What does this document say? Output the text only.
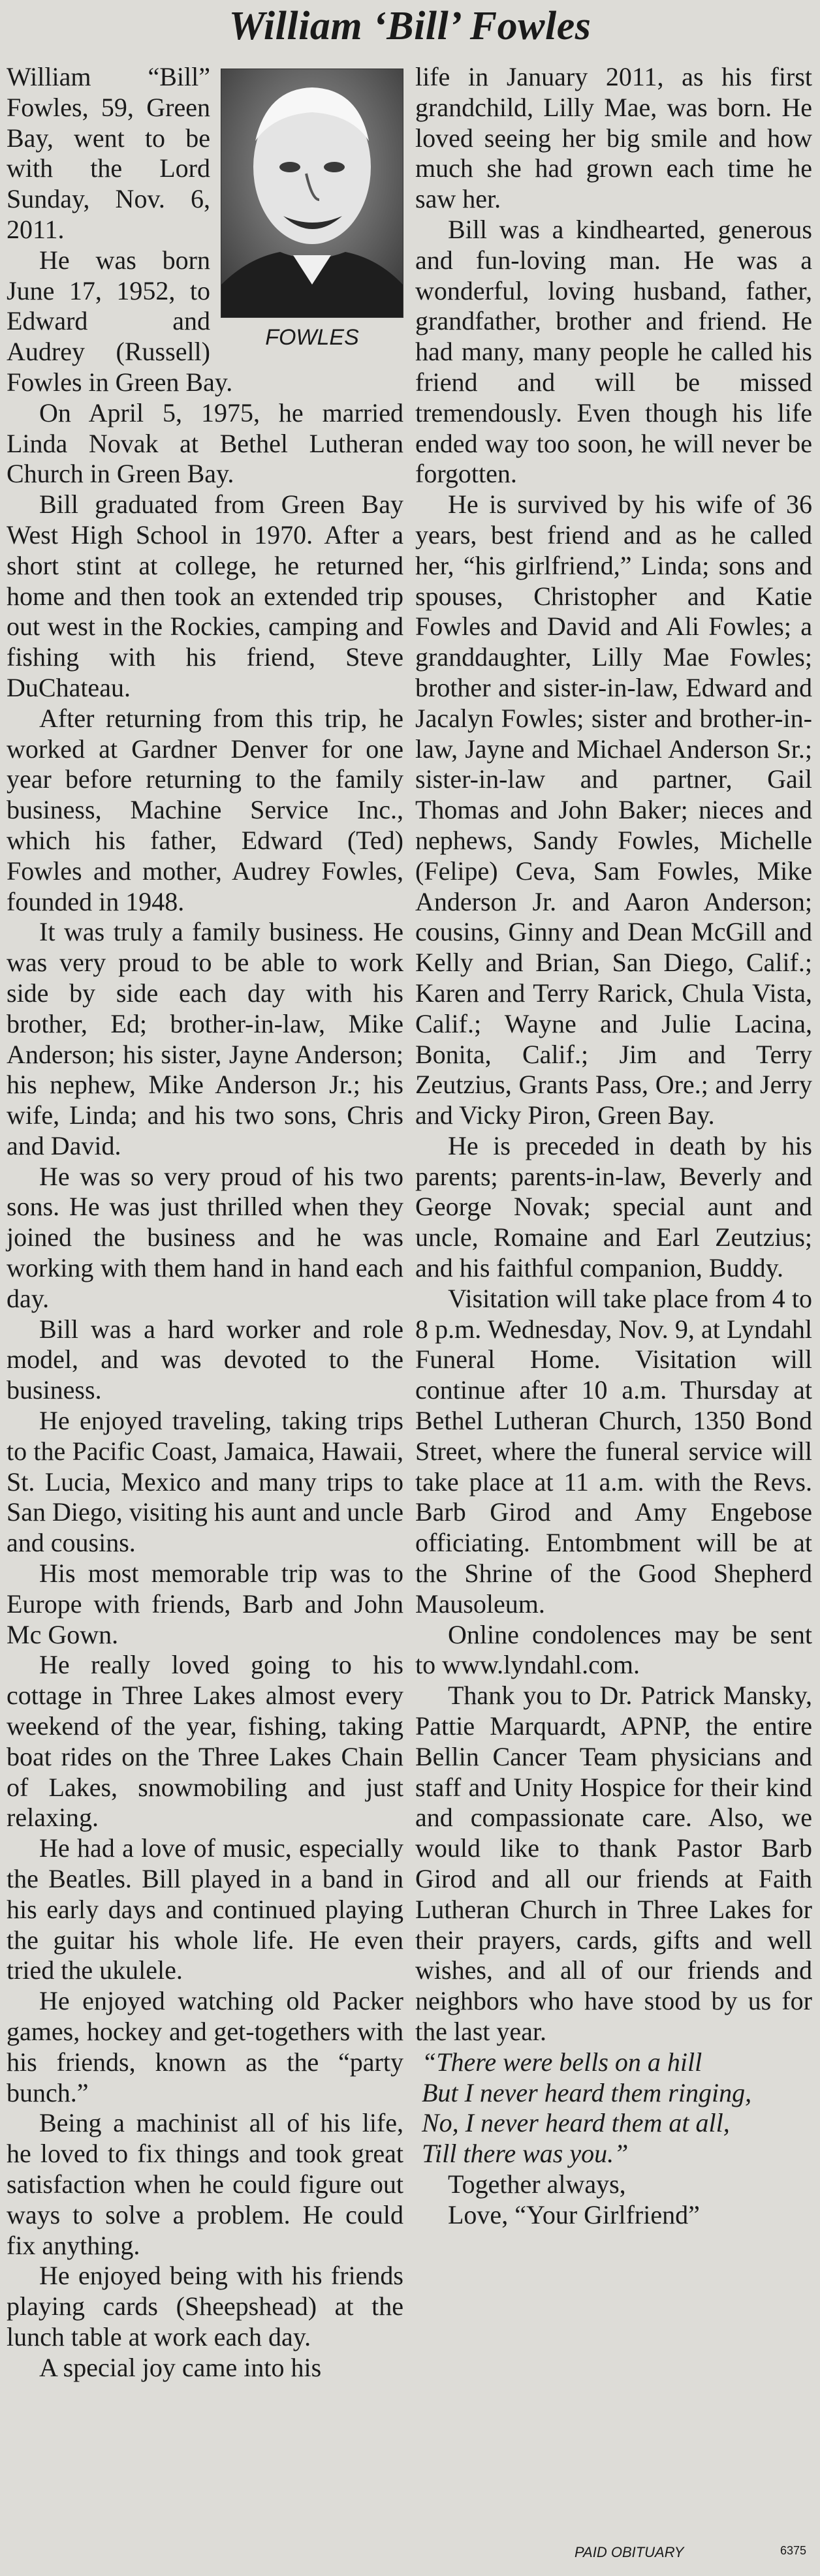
William ‘Bill’ Fowles
FOWLES

William “Bill” Fowles, 59, Green Bay, went to be with the Lord Sunday, Nov. 6, 2011.

He was born June 17, 1952, to Edward and Audrey (Russell) Fowles in Green Bay.

On April 5, 1975, he married Linda Novak at Bethel Lutheran Church in Green Bay.

Bill graduated from Green Bay West High School in 1970. After a short stint at college, he returned home and then took an extended trip out west in the Rockies, camping and fishing with his friend, Steve DuChateau.

After returning from this trip, he worked at Gardner Denver for one year before returning to the family business, Machine Service Inc., which his father, Edward (Ted) Fowles and mother, Audrey Fowles, founded in 1948.

It was truly a family business. He was very proud to be able to work side by side each day with his brother, Ed; brother-in-law, Mike Anderson; his sister, Jayne Anderson; his nephew, Mike Anderson Jr.; his wife, Linda; and his two sons, Chris and David.

He was so very proud of his two sons. He was just thrilled when they joined the business and he was working with them hand in hand each day.

Bill was a hard worker and role model, and was devoted to the business.

He enjoyed traveling, taking trips to the Pacific Coast, Jamaica, Hawaii, St. Lucia, Mexico and many trips to San Diego, visiting his aunt and uncle and cousins.

His most memorable trip was to Europe with friends, Barb and John Mc Gown.

He really loved going to his cottage in Three Lakes almost every weekend of the year, fishing, taking boat rides on the Three Lakes Chain of Lakes, snowmobiling and just relaxing.

He had a love of music, especially the Beatles. Bill played in a band in his early days and continued playing the guitar his whole life. He even tried the ukulele.

He enjoyed watching old Packer games, hockey and get-togethers with his friends, known as the “party bunch.”

Being a machinist all of his life, he loved to fix things and took great satisfaction when he could figure out ways to solve a problem. He could fix anything.

He enjoyed being with his friends playing cards (Sheepshead) at the lunch table at work each day.

A special joy came into his

life in January 2011, as his first grandchild, Lilly Mae, was born. He loved seeing her big smile and how much she had grown each time he saw her.

Bill was a kindhearted, generous and fun-loving man. He was a wonderful, loving husband, father, grandfather, brother and friend. He had many, many people he called his friend and will be missed tremendously. Even though his life ended way too soon, he will never be forgotten.

He is survived by his wife of 36 years, best friend and as he called her, “his girlfriend,” Linda; sons and spouses, Christopher and Katie Fowles and David and Ali Fowles; a granddaughter, Lilly Mae Fowles; brother and sister-in-law, Edward and Jacalyn Fowles; sister and brother-in-law, Jayne and Michael Anderson Sr.; sister-in-law and partner, Gail Thomas and John Baker; nieces and nephews, Sandy Fowles, Michelle (Felipe) Ceva, Sam Fowles, Mike Anderson Jr. and Aaron Anderson; cousins, Ginny and Dean McGill and Kelly and Brian, San Diego, Calif.; Karen and Terry Rarick, Chula Vista, Calif.; Wayne and Julie Lacina, Bonita, Calif.; Jim and Terry Zeutzius, Grants Pass, Ore.; and Jerry and Vicky Piron, Green Bay.

He is preceded in death by his parents; parents-in-law, Beverly and George Novak; special aunt and uncle, Romaine and Earl Zeutzius; and his faithful companion, Buddy.

Visitation will take place from 4 to 8 p.m. Wednesday, Nov. 9, at Lyndahl Funeral Home. Visitation will continue after 10 a.m. Thursday at Bethel Lutheran Church, 1350 Bond Street, where the funeral service will take place at 11 a.m. with the Revs. Barb Girod and Amy Engebose officiating. Entombment will be at the Shrine of the Good Shepherd Mausoleum.

Online condolences may be sent to www.lyndahl.com.

Thank you to Dr. Patrick Mansky, Pattie Marquardt, APNP, the entire Bellin Cancer Team physicians and staff and Unity Hospice for their kind and compassionate care. Also, we would like to thank Pastor Barb Girod and all our friends at Faith Lutheran Church in Three Lakes for their prayers, cards, gifts and well wishes, and all of our friends and neighbors who have stood by us for the last year.

“There were bells on a hill

But I never heard them ringing,

No, I never heard them at all,

Till there was you.”

Together always,

Love, “Your Girlfriend”

PAID OBITUARY	6375
